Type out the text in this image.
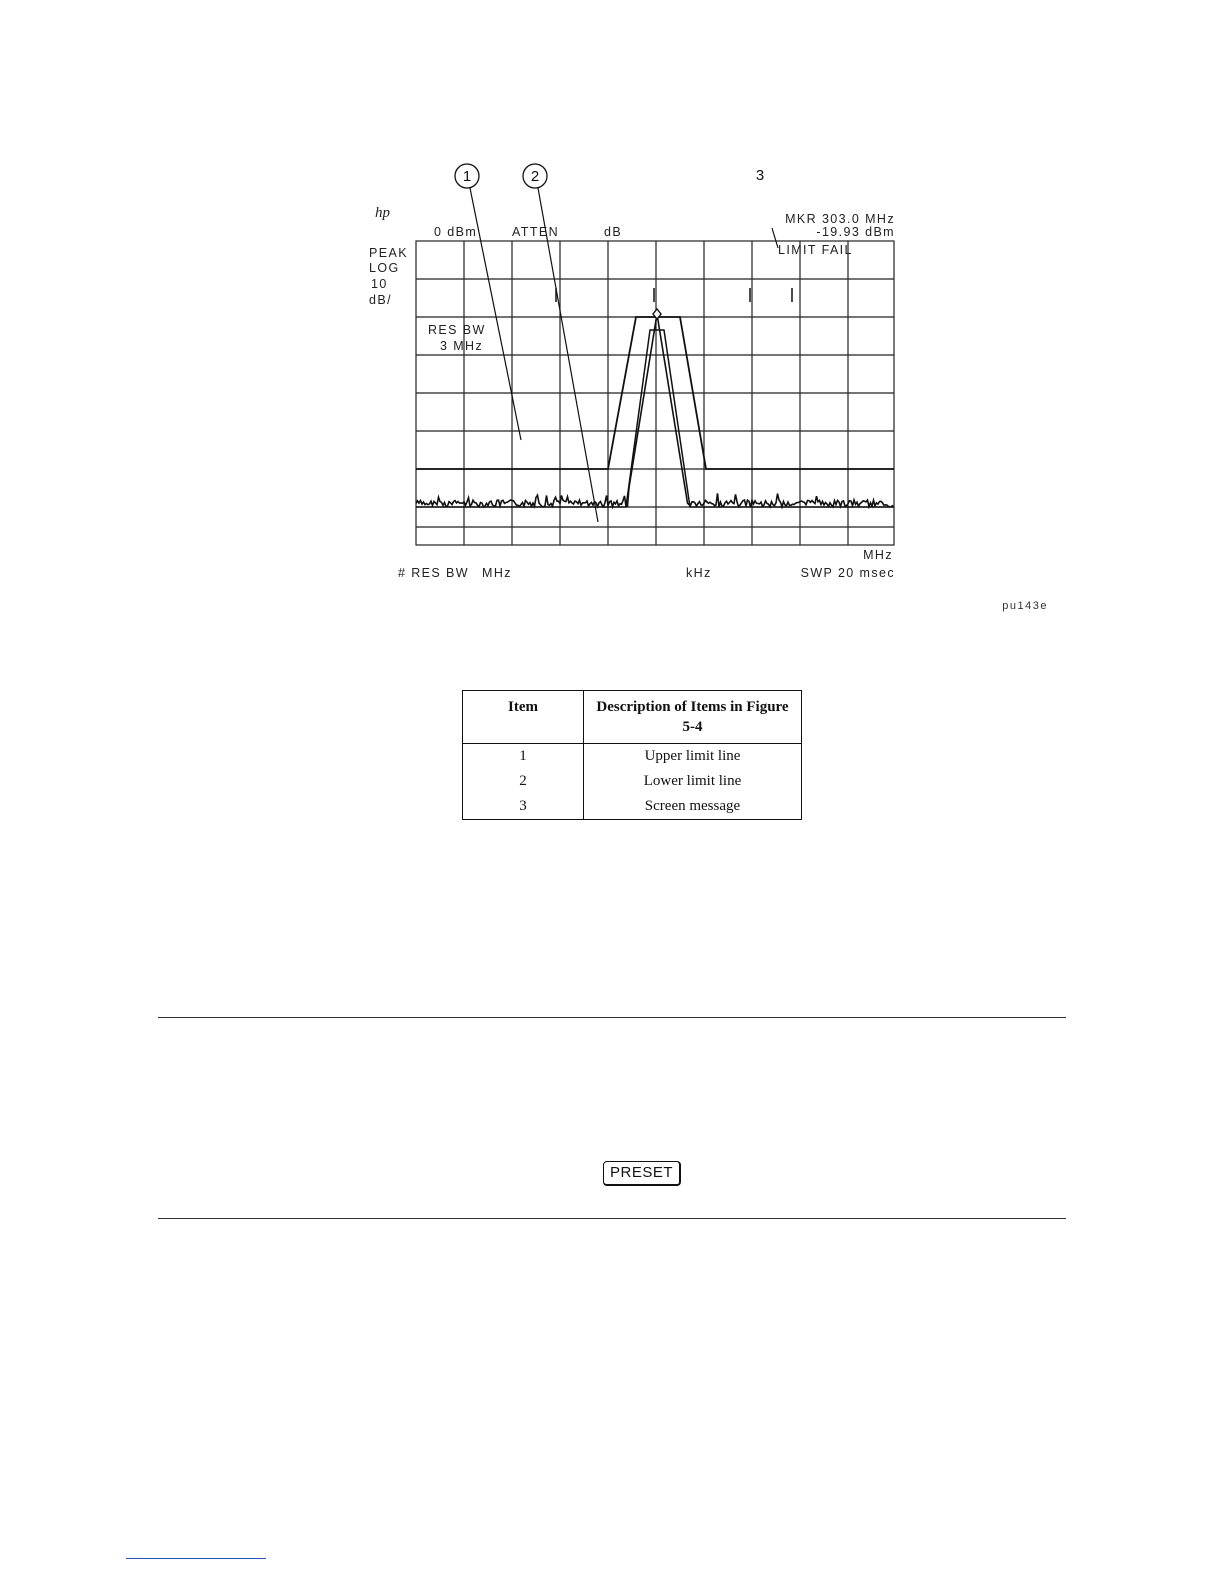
1	2	3
hp
0 dBm	ATTEN	dB
MKR 303.0 MHz
-19.93 dBm
LIMIT FAIL
PEAK
LOG
10
dB/
RES BW
3 MHz
MHz
# RES BW MHz	kHz	SWP 20 msec
pu143e
Item	Description of Items in Figure 5-4
1	Upper limit line
2	Lower limit line
3	Screen message
PRESET
